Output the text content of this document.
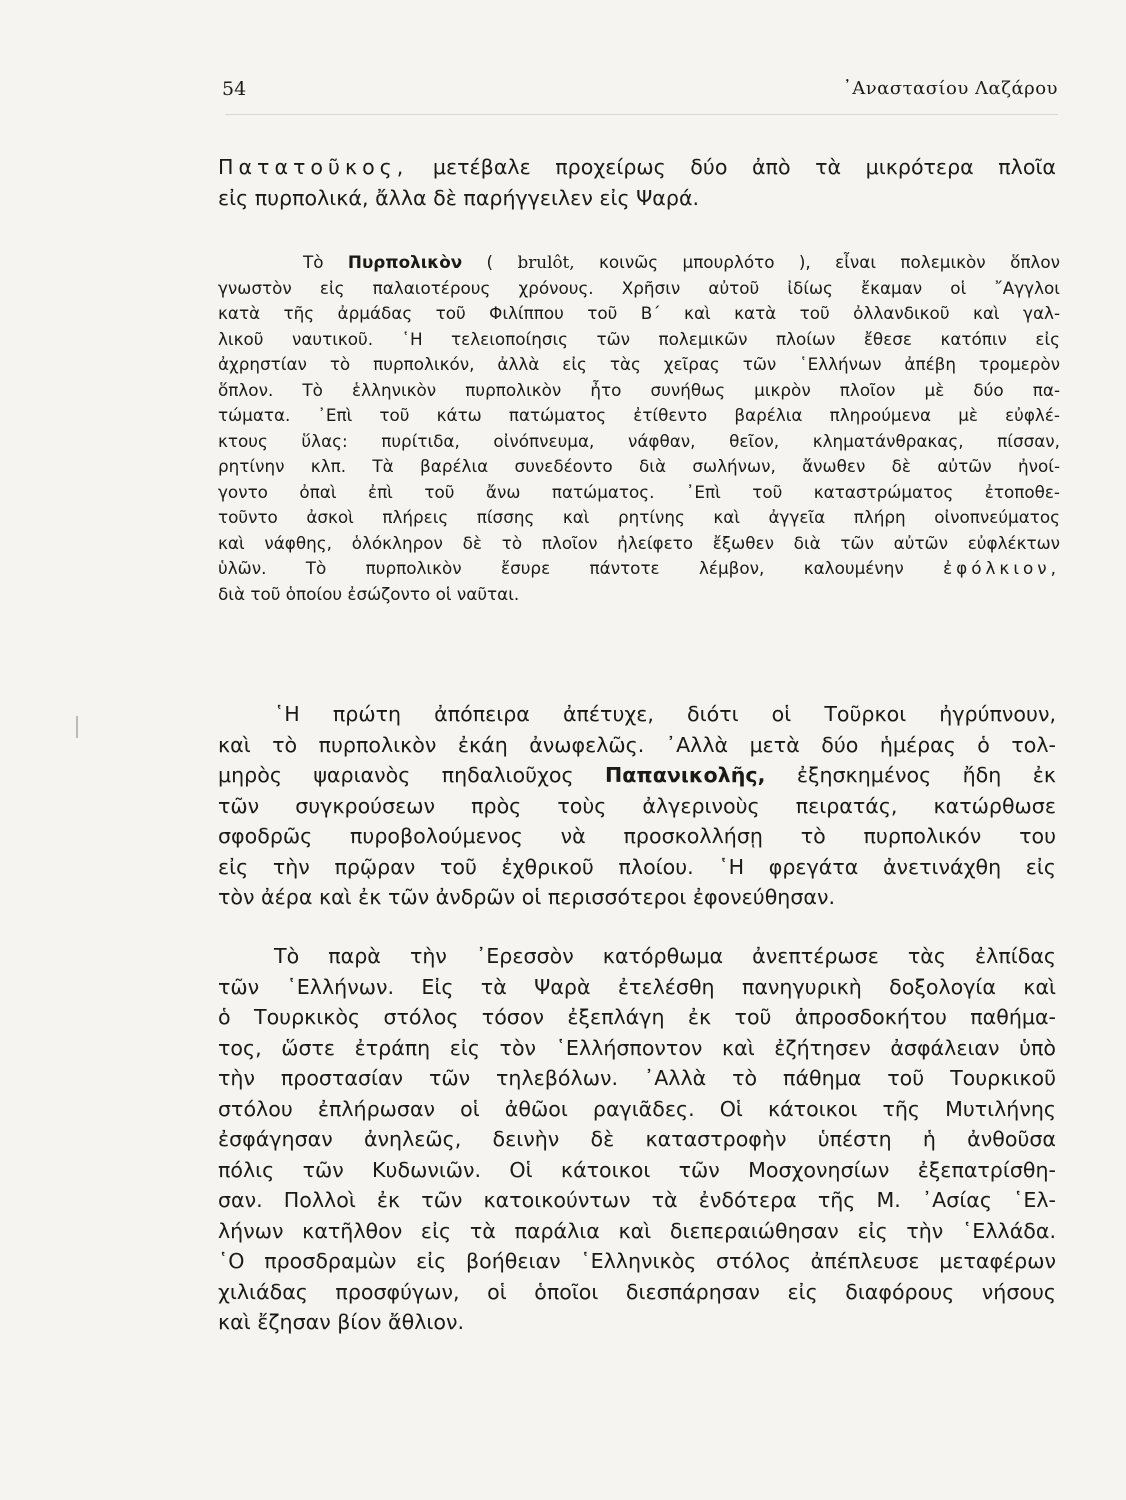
54	᾿Αναστασίου Λαζάρου
Πατατοῦκος, μετέβαλε προχείρως δύο ἀπὸ τὰ μικρότερα πλοῖα
εἰς πυρπολικά, ἄλλα δὲ παρήγγειλεν εἰς Ψαρά.
Τὸ Πυρπολικὸν ( brulôt, κοινῶς μπουρλότο ), εἶναι πολεμικὸν ὅπλον
γνωστὸν εἰς παλαιοτέρους χρόνους. Χρῆσιν αὐτοῦ ἰδίως ἔκαμαν οἱ ῎Αγγλοι
κατὰ τῆς ἀρμάδας τοῦ Φιλίππου τοῦ Β΄ καὶ κατὰ τοῦ ὀλλανδικοῦ καὶ γαλ-
λικοῦ ναυτικοῦ. ῾Η τελειοποίησις τῶν πολεμικῶν πλοίων ἔθεσε κατόπιν εἰς
ἀχρηστίαν τὸ πυρπολικόν, ἀλλὰ εἰς τὰς χεῖρας τῶν ῾Ελλήνων ἀπέβη τρομερὸν
ὅπλον. Τὸ ἑλληνικὸν πυρπολικὸν ἦτο συνήθως μικρὸν πλοῖον μὲ δύο πα-
τώματα. ᾿Επὶ τοῦ κάτω πατώματος ἐτίθεντο βαρέλια πληρούμενα μὲ εὐφλέ-
κτους ὕλας: πυρίτιδα, οἰνόπνευμα, νάφθαν, θεῖον, κληματάνθρακας, πίσσαν,
ρητίνην κλπ. Τὰ βαρέλια συνεδέοντο διὰ σωλήνων, ἄνωθεν δὲ αὐτῶν ἠνοί-
γοντο ὀπαὶ ἐπὶ τοῦ ἄνω πατώματος. ᾿Επὶ τοῦ καταστρώματος ἐτοποθε-
τοῦντο ἀσκοὶ πλήρεις πίσσης καὶ ρητίνης καὶ ἀγγεῖα πλήρη οἰνοπνεύματος
καὶ νάφθης, ὁλόκληρον δὲ τὸ πλοῖον ἠλείφετο ἔξωθεν διὰ τῶν αὐτῶν εὐφλέκτων
ὑλῶν. Τὸ πυρπολικὸν ἔσυρε πάντοτε λέμβον, καλουμένην ἐφόλκιον,
διὰ τοῦ ὁποίου ἐσώζοντο οἱ ναῦται.
῾Η πρώτη ἀπόπειρα ἀπέτυχε, διότι οἱ Τοῦρκοι ἠγρύπνουν,
καὶ τὸ πυρπολικὸν ἐκάη ἀνωφελῶς. ᾿Αλλὰ μετὰ δύο ἡμέρας ὁ τολ-
μηρὸς ψαριανὸς πηδαλιοῦχος Παπανικολῆς, ἐξησκημένος ἤδη ἐκ
τῶν συγκρούσεων πρὸς τοὺς ἀλγερινοὺς πειρατάς, κατώρθωσε
σφοδρῶς πυροβολούμενος νὰ προσκολλήσῃ τὸ πυρπολικόν του
εἰς τὴν πρῷραν τοῦ ἐχθρικοῦ πλοίου. ῾Η φρεγάτα ἀνετινάχθη εἰς
τὸν ἀέρα καὶ ἐκ τῶν ἀνδρῶν οἱ περισσότεροι ἐφονεύθησαν.
Τὸ παρὰ τὴν ᾿Ερεσσὸν κατόρθωμα ἀνεπτέρωσε τὰς ἐλπίδας
τῶν ῾Ελλήνων. Εἰς τὰ Ψαρὰ ἐτελέσθη πανηγυρικὴ δοξολογία καὶ
ὁ Τουρκικὸς στόλος τόσον ἐξεπλάγη ἐκ τοῦ ἀπροσδοκήτου παθήμα-
τος, ὥστε ἐτράπη εἰς τὸν ῾Ελλήσποντον καὶ ἐζήτησεν ἀσφάλειαν ὑπὸ
τὴν προστασίαν τῶν τηλεβόλων. ᾿Αλλὰ τὸ πάθημα τοῦ Τουρκικοῦ
στόλου ἐπλήρωσαν οἱ ἀθῶοι ραγιᾶδες. Οἱ κάτοικοι τῆς Μυτιλήνης
ἐσφάγησαν ἀνηλεῶς, δεινὴν δὲ καταστροφὴν ὑπέστη ἡ ἀνθοῦσα
πόλις τῶν Κυδωνιῶν. Οἱ κάτοικοι τῶν Μοσχονησίων ἐξεπατρίσθη-
σαν. Πολλοὶ ἐκ τῶν κατοικούντων τὰ ἐνδότερα τῆς Μ. ᾿Ασίας ῾Ελ-
λήνων κατῆλθον εἰς τὰ παράλια καὶ διεπεραιώθησαν εἰς τὴν ῾Ελλάδα.
῾Ο προσδραμὼν εἰς βοήθειαν ῾Ελληνικὸς στόλος ἀπέπλευσε μεταφέρων
χιλιάδας προσφύγων, οἱ ὁποῖοι διεσπάρησαν εἰς διαφόρους νήσους
καὶ ἔζησαν βίον ἄθλιον.
